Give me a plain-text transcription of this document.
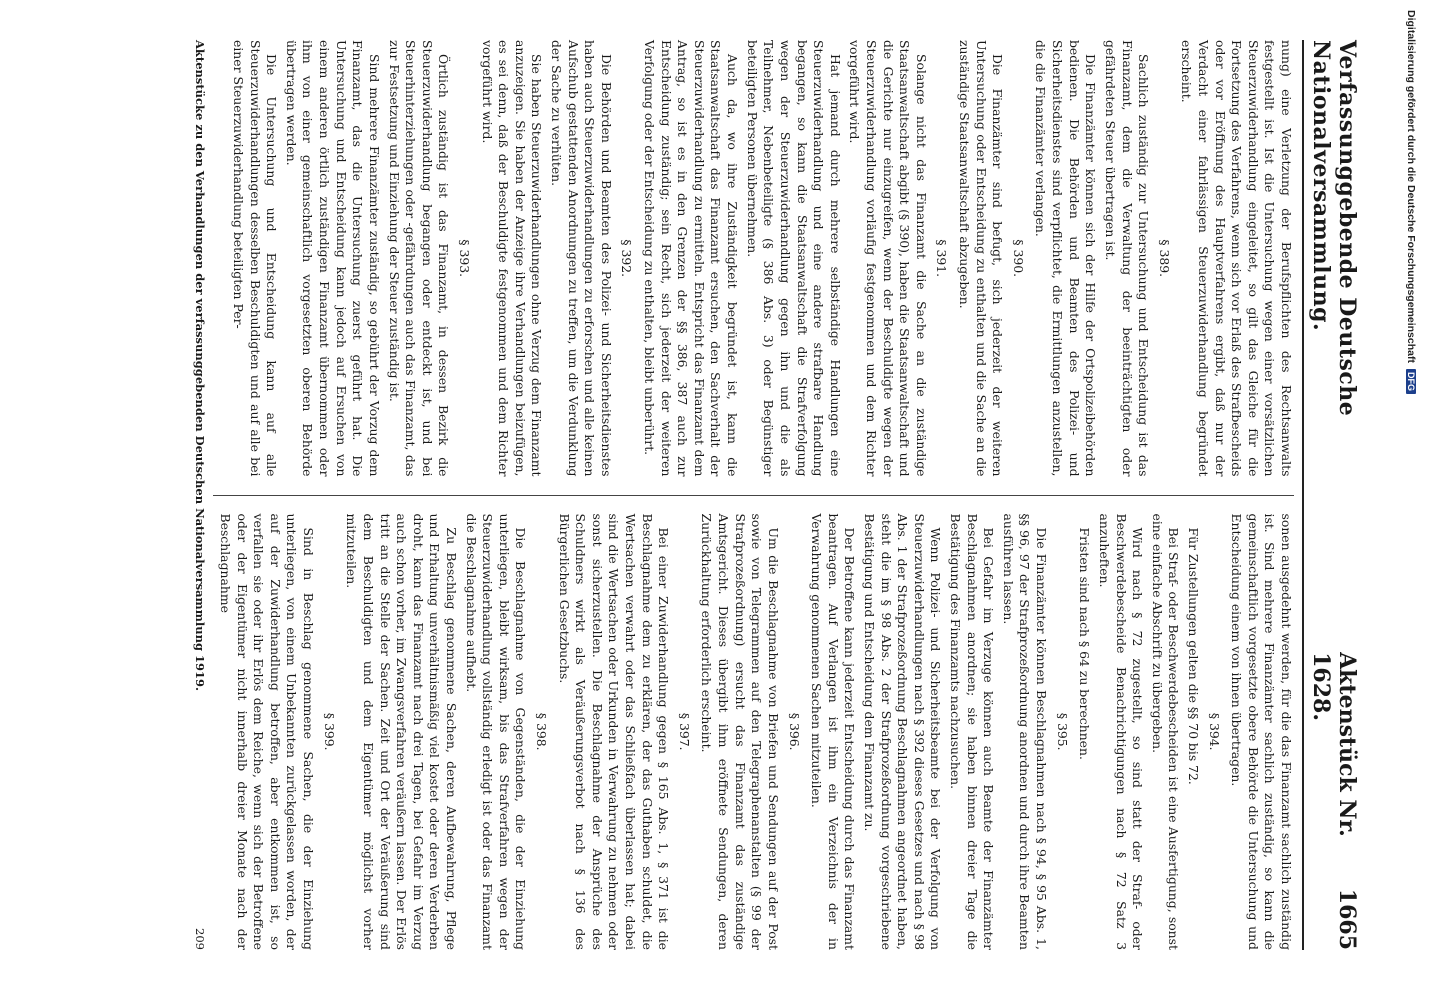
Verfassunggebende Deutsche Nationalversammlung.
Aktenstück Nr. 1628.
1665

nung) eine Verletzung der Berufspflichten des Rechtsanwalts festgestellt ist. Ist die Untersuchung wegen einer vorsätzlichen Steuerzuwiderhandlung eingeleitet, so gilt das Gleiche für die Fortsetzung des Verfahrens, wenn sich vor Erlaß des Strafbescheids oder vor Eröffnung des Hauptverfahrens ergibt, daß nur der Verdacht einer fahrlässigen Steuerzuwiderhandlung begründet erscheint.

§ 389.

Sachlich zuständig zur Untersuchung und Entscheidung ist das Finanzamt, dem die Verwaltung der beeinträchtigten oder gefährdeten Steuer übertragen ist.

Die Finanzämter können sich der Hilfe der Ortspolizeibehörden bedienen. Die Behörden und Beamten des Polizei- und Sicherheitsdienstes sind verpflichtet, die Ermittlungen anzustellen, die die Finanzämter verlangen.

§ 390.

Die Finanzämter sind befugt, sich jederzeit der weiteren Untersuchung oder Entscheidung zu enthalten und die Sache an die zuständige Staatsanwaltschaft abzugeben.

§ 391.

Solange nicht das Finanzamt die Sache an die zuständige Staatsanwaltschaft abgibt (§ 390), haben die Staatsanwaltschaft und die Gerichte nur einzugreifen, wenn der Beschuldigte wegen der Steuerzuwiderhandlung vorläufig festgenommen und dem Richter vorgeführt wird.

Hat jemand durch mehrere selbständige Handlungen eine Steuerzuwiderhandlung und eine andere strafbare Handlung begangen, so kann die Staatsanwaltschaft die Strafverfolgung wegen der Steuerzuwiderhandlung gegen ihn und die als Teilnehmer, Nebenbeteiligte (§ 386 Abs. 3) oder Begünstiger beteiligten Personen übernehmen.

Auch da, wo ihre Zuständigkeit begründet ist, kann die Staatsanwaltschaft das Finanzamt ersuchen, den Sachverhalt der Steuerzuwiderhandlung zu ermitteln. Entspricht das Finanzamt dem Antrag, so ist es in den Grenzen der §§ 386, 387 auch zur Entscheidung zuständig; sein Recht, sich jederzeit der weiteren Verfolgung oder der Entscheidung zu enthalten, bleibt unberührt.

§ 392.

Die Behörden und Beamten des Polizei- und Sicherheitsdienstes haben auch Steuerzuwiderhandlungen zu erforschen und alle keinen Aufschub gestattenden Anordnungen zu treffen, um die Verdunklung der Sache zu verhüten.

Sie haben Steuerzuwiderhandlungen ohne Verzug dem Finanzamt anzuzeigen. Sie haben der Anzeige ihre Verhandlungen beizufügen, es sei denn, daß der Beschuldigte festgenommen und dem Richter vorgeführt wird.

§ 393.

Örtlich zuständig ist das Finanzamt, in dessen Bezirk die Steuerzuwiderhandlung begangen oder entdeckt ist, und bei Steuerhinterziehungen oder -gefährdungen auch das Finanzamt, das zur Festsetzung und Einziehung der Steuer zuständig ist.

Sind mehrere Finanzämter zuständig, so gebührt der Vorzug dem Finanzamt, das die Untersuchung zuerst geführt hat. Die Untersuchung und Entscheidung kann jedoch auf Ersuchen von einem anderen örtlich zuständigen Finanzamt übernommen oder ihm von einer gemeinschaftlich vorgesetzten oberen Behörde übertragen werden.

Die Untersuchung und Entscheidung kann auf alle Steuerzuwiderhandlungen desselben Beschuldigten und auf alle bei einer Steuerzuwiderhandlung beteiligten Per-

sonen ausgedehnt werden, für die das Finanzamt sachlich zuständig ist. Sind mehrere Finanzämter sachlich zuständig, so kann die gemeinschaftlich vorgesetzte obere Behörde die Untersuchung und Entscheidung einem von ihnen übertragen.

§ 394.

Für Zustellungen gelten die §§ 70 bis 72.

Bei Straf- oder Beschwerdebescheiden ist eine Ausfertigung, sonst eine einfache Abschrift zu übergeben.

Wird nach § 72 zugestellt, so sind statt der Straf- oder Beschwerdebescheide Benachrichtigungen nach § 72 Satz 3 anzuheften.

Fristen sind nach § 64 zu berechnen.

§ 395.

Die Finanzämter können Beschlagnahmen nach § 94, § 95 Abs. 1, §§ 96, 97 der Strafprozeßordnung anordnen und durch ihre Beamten ausführen lassen.

Bei Gefahr im Verzuge können auch Beamte der Finanzämter Beschlagnahmen anordnen; sie haben binnen dreier Tage die Bestätigung des Finanzamts nachzusuchen.

Wenn Polizei- und Sicherheitsbeamte bei der Verfolgung von Steuerzuwiderhandlungen nach § 392 dieses Gesetzes und nach § 98 Abs. 1 der Strafprozeßordnung Beschlagnahmen angeordnet haben, steht die im § 98 Abs. 2 der Strafprozeßordnung vorgeschriebene Bestätigung und Entscheidung dem Finanzamt zu.

Der Betroffene kann jederzeit Entscheidung durch das Finanzamt beantragen. Auf Verlangen ist ihm ein Verzeichnis der in Verwahrung genommenen Sachen mitzuteilen.

§ 396.

Um die Beschlagnahme von Briefen und Sendungen auf der Post sowie von Telegrammen auf den Telegraphenanstalten (§ 99 der Strafprozeßordnung) ersucht das Finanzamt das zuständige Amtsgericht. Dieses übergibt ihm eröffnete Sendungen, deren Zurückhaltung erforderlich erscheint.

§ 397.

Bei einer Zuwiderhandlung gegen § 165 Abs. 1, § 371 ist die Beschlagnahme dem zu erklären, der das Guthaben schuldet, die Wertsachen verwahrt oder das Schließfach überlassen hat; dabei sind die Wertsachen oder Urkunden in Verwahrung zu nehmen oder sonst sicherzustellen. Die Beschlagnahme der Ansprüche des Schuldners wirkt als Veräußerungsverbot nach § 136 des Bürgerlichen Gesetzbuchs.

§ 398.

Die Beschlagnahme von Gegenständen, die der Einziehung unterliegen, bleibt wirksam, bis das Strafverfahren wegen der Steuerzuwiderhandlung vollständig erledigt ist oder das Finanzamt die Beschlagnahme aufhebt.

Zu Beschlag genommene Sachen, deren Aufbewahrung, Pflege und Erhaltung unverhältnismäßig viel kostet oder deren Verderben droht, kann das Finanzamt nach drei Tagen, bei Gefahr im Verzug auch schon vorher, im Zwangsverfahren veräußern lassen. Der Erlös tritt an die Stelle der Sachen. Zeit und Ort der Veräußerung sind dem Beschuldigten und dem Eigentümer möglichst vorher mitzuteilen.

§ 399.

Sind in Beschlag genommene Sachen, die der Einziehung unterliegen, von einem Unbekannten zurückgelassen worden, der auf der Zuwiderhandlung betroffen, aber entkommen ist, so verfallen sie oder ihr Erlös dem Reiche, wenn sich der Betroffene oder der Eigentümer nicht innerhalb dreier Monate nach der Beschlagnahme

Aktenstücke zu den Verhandlungen der verfassunggebenden Deutschen Nationalversammlung 1919.
209
Digitalisierung gefördert durch die Deutsche Forschungsgemeinschaft
DFG
